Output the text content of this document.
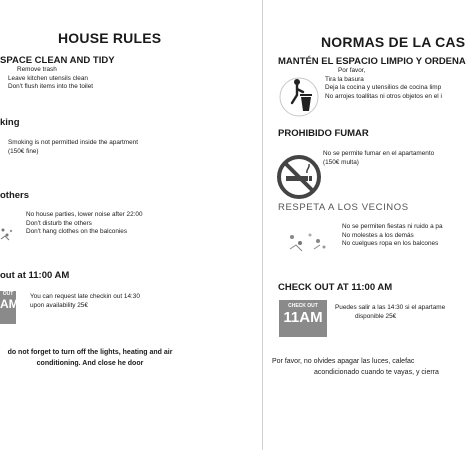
HOUSE RULES
SPACE CLEAN AND TIDY
Remove trash
Leave kitchen utensils clean
Don't flush items into the toilet
king
Smoking is not permitted inside the apartment
(150€ fine)
others
No house parties, lower noise after 22:00
Don't disturb the others
Don't hang clothes on the balconies
out at 11:00 AM
OUT
AM
You can request late checkin out 14:30
upon availability 25€
do not forget to turn off the lights, heating and air
conditioning. And close he door
NORMAS DE LA CAS
MANTÉN EL ESPACIO LIMPIO Y ORDENA
Por favor,
Tira la basura
Deja la cocina y utensilios de cocina limp
No arrojes toallitas ni otros objetos en el i
PROHIBIDO FUMAR
No se permite fumar en el apartamento
(150€ multa)
RESPETA A LOS VECINOS
No se permiten fiestas ni ruido a pa
No molestes a los demás
No cuelgues ropa en los balcones
CHECK OUT AT 11:00 AM
CHECK OUT
11AM
Puedes salir a las 14:30 si el apartame
disponible 25€
Por favor, no olvides apagar las luces, calefac
acondicionado cuando te vayas, y cierra
